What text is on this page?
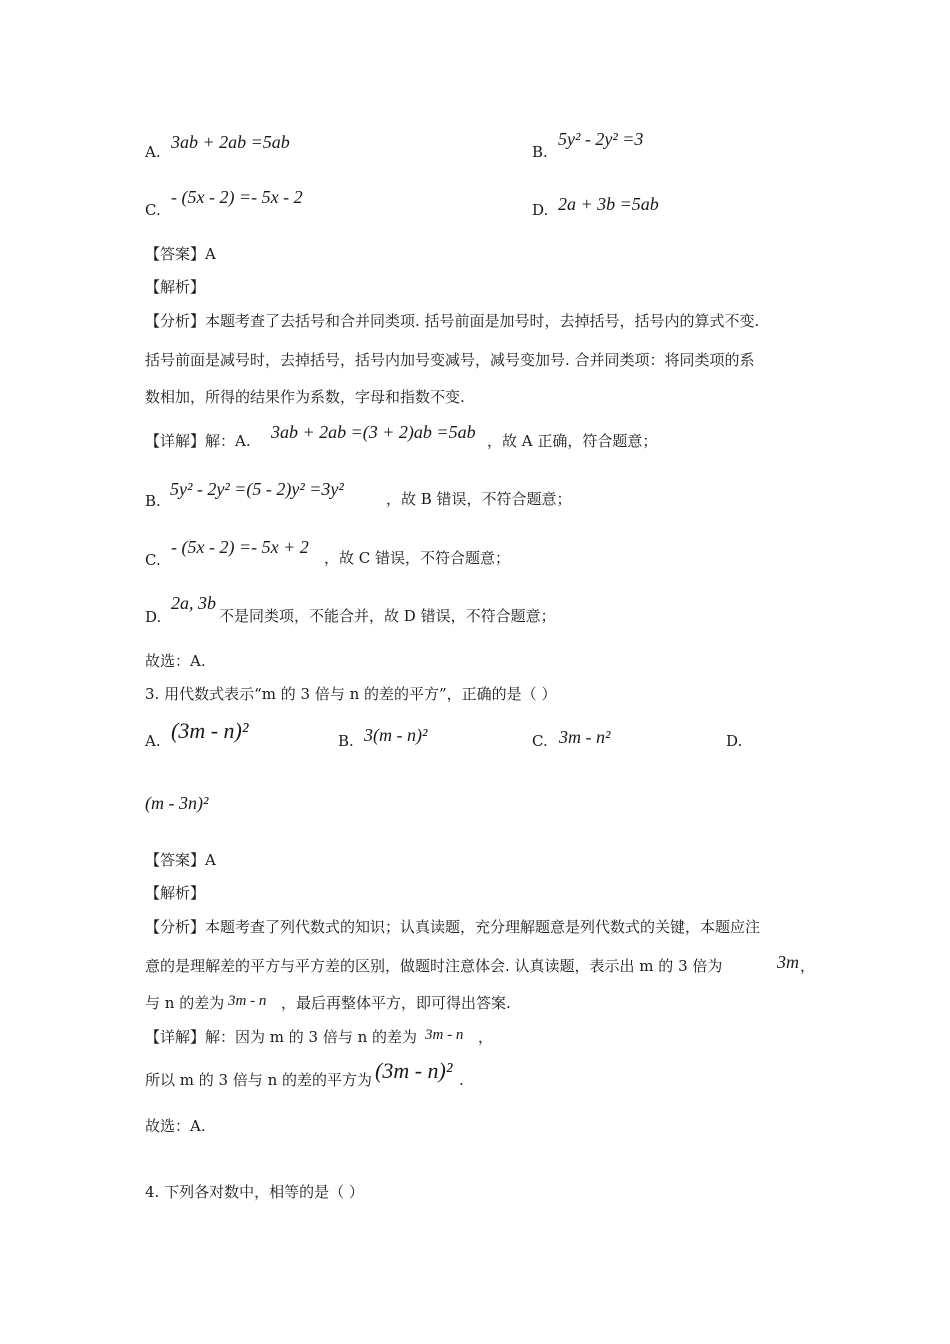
A. 3ab + 2ab =5ab	B.
5y² - 2y² =3
C.
- (5x - 2) =- 5x - 2
D. 2a + 3b =5ab
【答案】A
【解析】
【分析】本题考查了去括号和合并同类项. 括号前面是加号时，去掉括号，括号内的算式不变.
括号前面是减号时，去掉括号，括号内加号变减号，减号变加号. 合并同类项：将同类项的系
数相加，所得的结果作为系数，字母和指数不变.
【详解】解：A. 3ab + 2ab =(3 + 2)ab =5ab ，故 A 正确，符合题意；
B.
5y² - 2y² =(5 - 2)y² =3y²	，故 B 错误，不符合题意；
C.
- (5x - 2) =- 5x + 2
，故 C 错误，不符合题意；
D.
2a, 3b
不是同类项，不能合并，故 D 错误，不符合题意；
故选：A.
3. 用代数式表示“m 的 3 倍与 n 的差的平方”，正确的是（ ）
A. (3m - n)²	B. 3(m - n)²	C. 3m - n²	D.
(m - 3n)²
【答案】A
【解析】
【分析】本题考查了列代数式的知识；认真读题，充分理解题意是列代数式的关键，本题应注
意的是理解差的平方与平方差的区别，做题时注意体会. 认真读题，表示出 m 的 3 倍为	3m ，
与 n 的差为 3m - n ，最后再整体平方，即可得出答案.
【详解】解：因为 m 的 3 倍与 n 的差为 3m - n ，
所以 m 的 3 倍与 n 的差的平方为 (3m - n)² .
故选：A.
4. 下列各对数中，相等的是（ ）
